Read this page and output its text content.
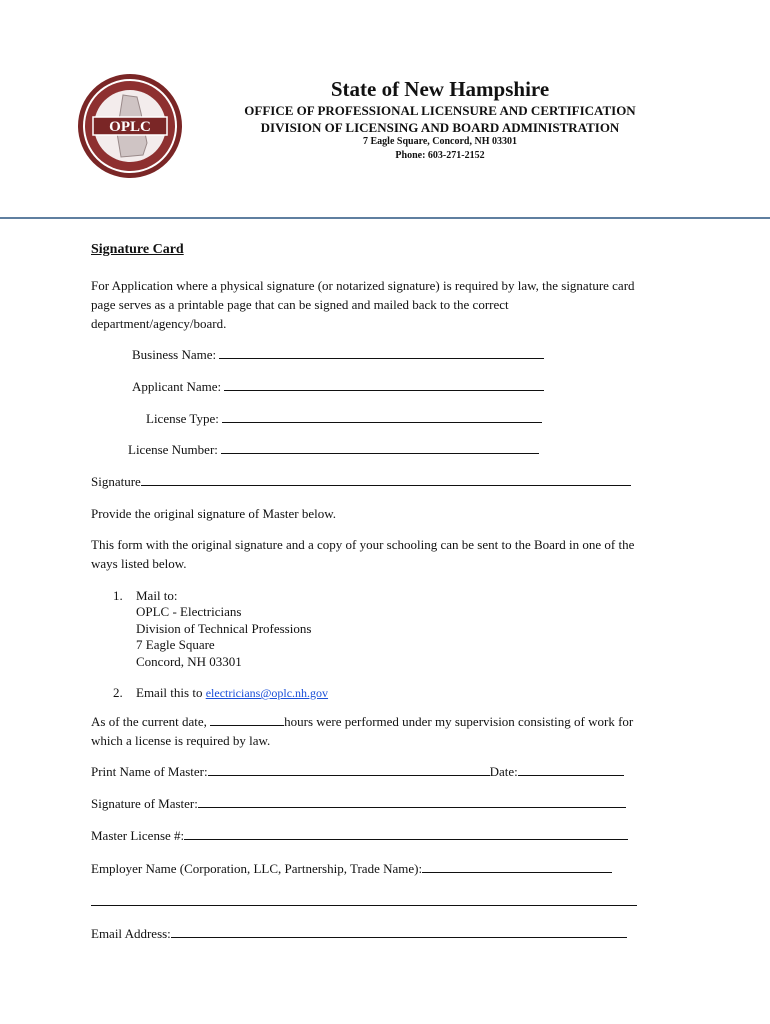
OPLC
State of New Hampshire
OFFICE OF PROFESSIONAL LICENSURE AND CERTIFICATION
DIVISION OF LICENSING AND BOARD ADMINISTRATION
7 Eagle Square, Concord, NH 03301
Phone: 603-271-2152
Signature Card
For Application where a physical signature (or notarized signature) is required by law, the signature card
page serves as a printable page that can be signed and mailed back to the correct
department/agency/board.
Business Name:
Applicant Name:
License Type:
License Number:
Signature
Provide the original signature of Master below.
This form with the original signature and a copy of your schooling can be sent to the Board in one of the
ways listed below.
1. Mail to:
OPLC - Electricians
Division of Technical Professions
7 Eagle Square
Concord, NH 03301
2. Email this to electricians@oplc.nh.gov
As of the current date,	hours were performed under my supervision consisting of work for
which a license is required by law.
Print Name of Master:	Date:
Signature of Master:
Master License #:
Employer Name (Corporation, LLC, Partnership, Trade Name):
Email Address:
